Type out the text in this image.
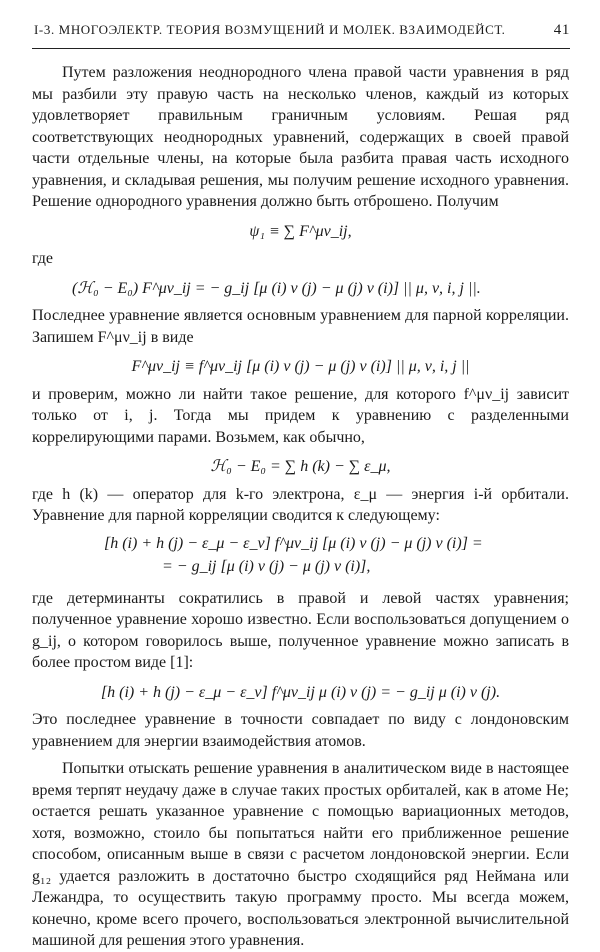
I-3. МНОГОЭЛЕКТР. ТЕОРИЯ ВОЗМУЩЕНИЙ И МОЛЕК. ВЗАИМОДЕЙСТ.	41

Путем разложения неоднородного члена правой части уравнения в ряд мы разбили эту правую часть на несколько членов, каждый из которых удовлетворяет правильным граничным условиям. Решая ряд соответствующих неоднородных уравнений, содержащих в своей правой части отдельные члены, на которые была разбита правая часть исходного уравнения, и складывая решения, мы получим решение исходного уравнения. Решение однородного уравнения должно быть отброшено. Получим

ψ₁ ≡ ∑ F^μν_ij,

где

(ℋ₀ − E₀) F^μν_ij = − g_ij [μ (i) ν (j) − μ (j) ν (i)] || μ, ν, i, j ||.

Последнее уравнение является основным уравнением для парной корреляции. Запишем F^μν_ij в виде

F^μν_ij ≡ f^μν_ij [μ (i) ν (j) − μ (j) ν (i)] || μ, ν, i, j ||

и проверим, можно ли найти такое решение, для которого f^μν_ij зависит только от i, j. Тогда мы придем к уравнению с разделенными коррелирующими парами. Возьмем, как обычно,

ℋ₀ − E₀ = ∑ h (k) − ∑ ε_μ,

где h (k) — оператор для k-го электрона, ε_μ — энергия i-й орбитали. Уравнение для парной корреляции сводится к следующему:

[h (i) + h (j) − ε_μ − ε_ν] f^μν_ij [μ (i) ν (j) − μ (j) ν (i)] =
= − g_ij [μ (i) ν (j) − μ (j) ν (i)],

где детерминанты сократились в правой и левой частях уравнения; полученное уравнение хорошо известно. Если воспользоваться допущением о g_ij, о котором говорилось выше, полученное уравнение можно записать в более простом виде [1]:

[h (i) + h (j) − ε_μ − ε_ν] f^μν_ij μ (i) ν (j) = − g_ij μ (i) ν (j).

Это последнее уравнение в точности совпадает по виду с лондоновским уравнением для энергии взаимодействия атомов.

Попытки отыскать решение уравнения в аналитическом виде в настоящее время терпят неудачу даже в случае таких простых орбиталей, как в атоме He; остается решать указанное уравнение с помощью вариационных методов, хотя, возможно, стоило бы попытаться найти его приближенное решение способом, описанным выше в связи с расчетом лондоновской энергии. Если g₁₂ удается разложить в достаточно быстро сходящийся ряд Неймана или Лежандра, то осуществить такую программу просто. Мы всегда можем, конечно, кроме всего прочего, воспользоваться электронной вычислительной машиной для решения этого уравнения.
